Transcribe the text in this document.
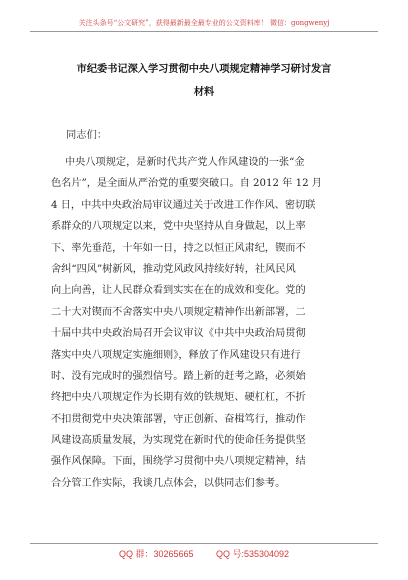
关注头条号“公文研究”，获得最新最全最专业的公文资料库！ 微信：gongwenyj
市纪委书记深入学习贯彻中央八项规定精神学习研讨发言
材料
同志们：
中央八项规定，是新时代共产党人作风建设的一张“金
色名片”，是全面从严治党的重要突破口。自 2012 年 12 月
4 日，中共中央政治局审议通过关于改进工作作风、密切联
系群众的八项规定以来，党中央坚持从自身做起，以上率
下、率先垂范，十年如一日，持之以恒正风肃纪，锲而不
舍纠“四风”树新风，推动党风政风持续好转，社风民风
向上向善，让人民群众看到实实在在的成效和变化。党的
二十大对锲而不舍落实中央八项规定精神作出新部署，二
十届中共中央政治局召开会议审议《中共中央政治局贯彻
落实中央八项规定实施细则》，释放了作风建设只有进行
时、没有完成时的强烈信号。踏上新的赶考之路，必须始
终把中央八项规定作为长期有效的铁规矩、硬杠杠，不折
不扣贯彻党中央决策部署，守正创新、奋楫笃行，推动作
风建设高质量发展，为实现党在新时代的使命任务提供坚
强作风保障。下面，围绕学习贯彻中央八项规定精神，结
合分管工作实际，我谈几点体会，以供同志们参考。
QQ 群：30265665	QQ 号:535304092
